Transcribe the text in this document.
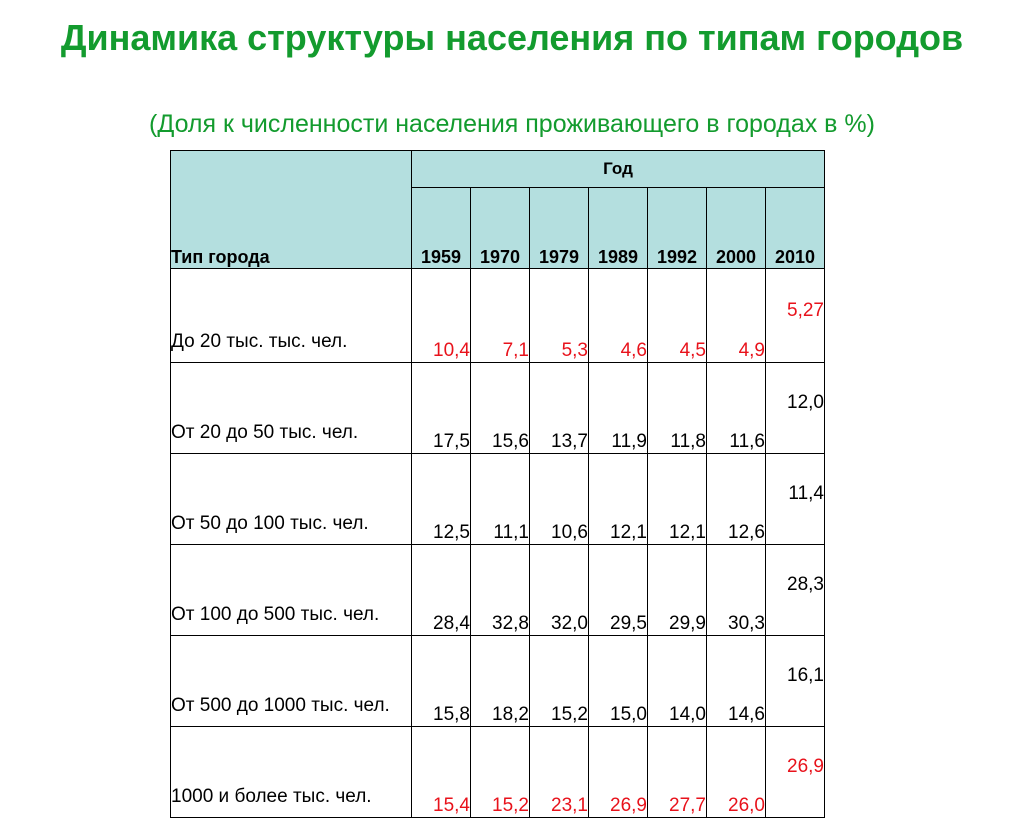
Динамика структуры населения по типам городов
(Доля к численности населения проживающего в городах в %)
Тип города	Год						
	1959	1970	1979	1989	1992	2000	2010
До 20 тыс. тыс. чел.	10,4	7,1	5,3	4,6	4,5	4,9	5,27
От 20 до 50 тыс. чел.	17,5	15,6	13,7	11,9	11,8	11,6	12,0
От 50 до 100 тыс. чел.	12,5	11,1	10,6	12,1	12,1	12,6	11,4
От 100 до 500 тыс. чел.	28,4	32,8	32,0	29,5	29,9	30,3	28,3
От 500 до 1000 тыс. чел.	15,8	18,2	15,2	15,0	14,0	14,6	16,1
1000 и более тыс. чел.	15,4	15,2	23,1	26,9	27,7	26,0	26,9
